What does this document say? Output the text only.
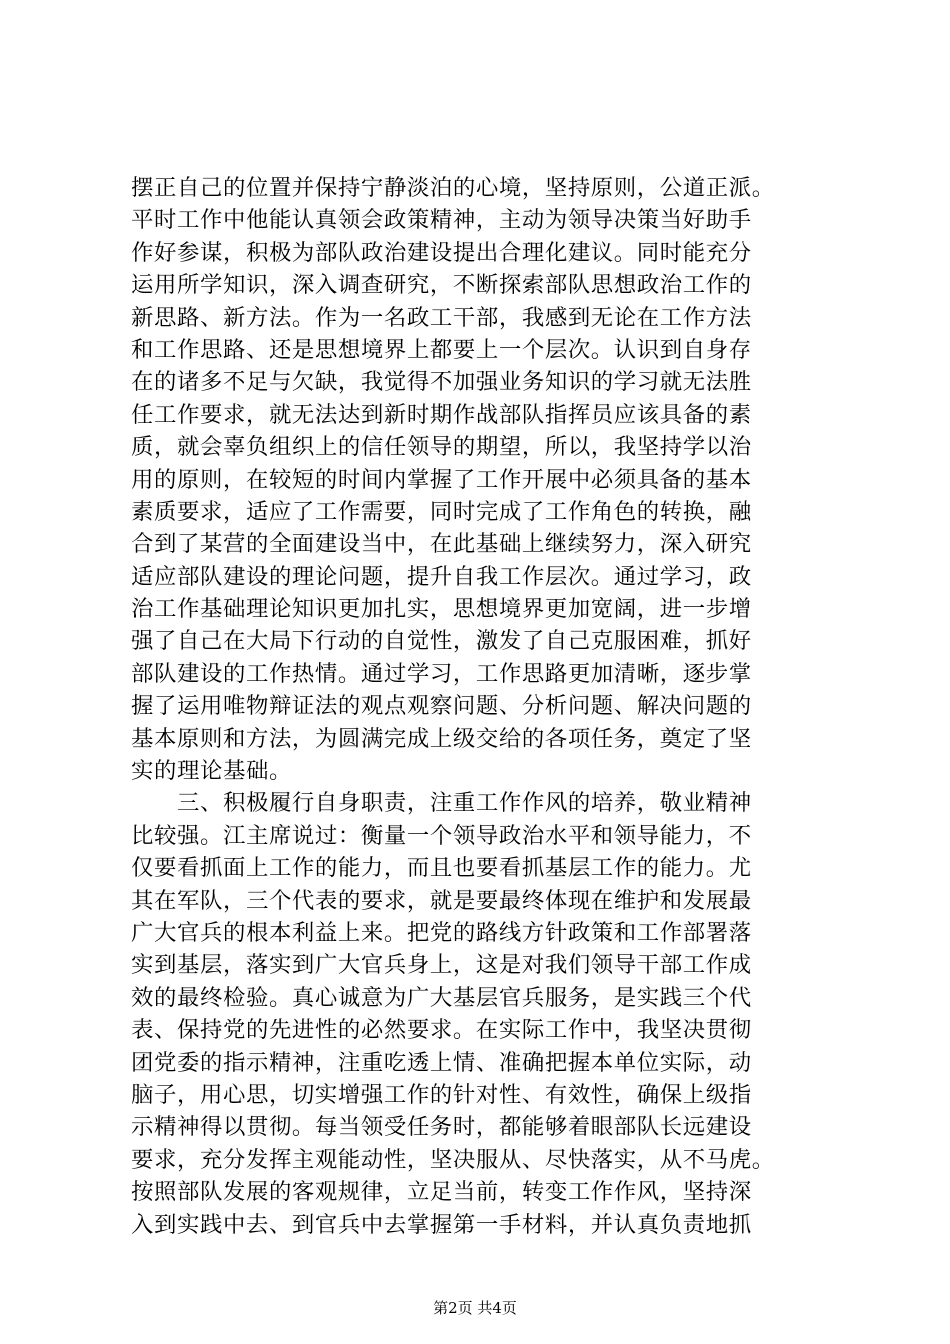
摆正自己的位置并保持宁静淡泊的心境，坚持原则，公道正派。
平时工作中他能认真领会政策精神，主动为领导决策当好助手
作好参谋，积极为部队政治建设提出合理化建议。同时能充分
运用所学知识，深入调查研究，不断探索部队思想政治工作的
新思路、新方法。作为一名政工干部，我感到无论在工作方法
和工作思路、还是思想境界上都要上一个层次。认识到自身存
在的诸多不足与欠缺，我觉得不加强业务知识的学习就无法胜
任工作要求，就无法达到新时期作战部队指挥员应该具备的素
质，就会辜负组织上的信任领导的期望，所以，我坚持学以治
用的原则，在较短的时间内掌握了工作开展中必须具备的基本
素质要求，适应了工作需要，同时完成了工作角色的转换，融
合到了某营的全面建设当中，在此基础上继续努力，深入研究
适应部队建设的理论问题，提升自我工作层次。通过学习，政
治工作基础理论知识更加扎实，思想境界更加宽阔，进一步增
强了自己在大局下行动的自觉性，激发了自己克服困难，抓好
部队建设的工作热情。通过学习，工作思路更加清晰，逐步掌
握了运用唯物辩证法的观点观察问题、分析问题、解决问题的
基本原则和方法，为圆满完成上级交给的各项任务，奠定了坚
实的理论基础。
　　三、积极履行自身职责，注重工作作风的培养，敬业精神
比较强。江主席说过：衡量一个领导政治水平和领导能力，不
仅要看抓面上工作的能力，而且也要看抓基层工作的能力。尤
其在军队，三个代表的要求，就是要最终体现在维护和发展最
广大官兵的根本利益上来。把党的路线方针政策和工作部署落
实到基层，落实到广大官兵身上，这是对我们领导干部工作成
效的最终检验。真心诚意为广大基层官兵服务，是实践三个代
表、保持党的先进性的必然要求。在实际工作中，我坚决贯彻
团党委的指示精神，注重吃透上情、准确把握本单位实际，动
脑子，用心思，切实增强工作的针对性、有效性，确保上级指
示精神得以贯彻。每当领受任务时，都能够着眼部队长远建设
要求，充分发挥主观能动性，坚决服从、尽快落实，从不马虎。
按照部队发展的客观规律，立足当前，转变工作作风，坚持深
入到实践中去、到官兵中去掌握第一手材料，并认真负责地抓
第2页 共4页
